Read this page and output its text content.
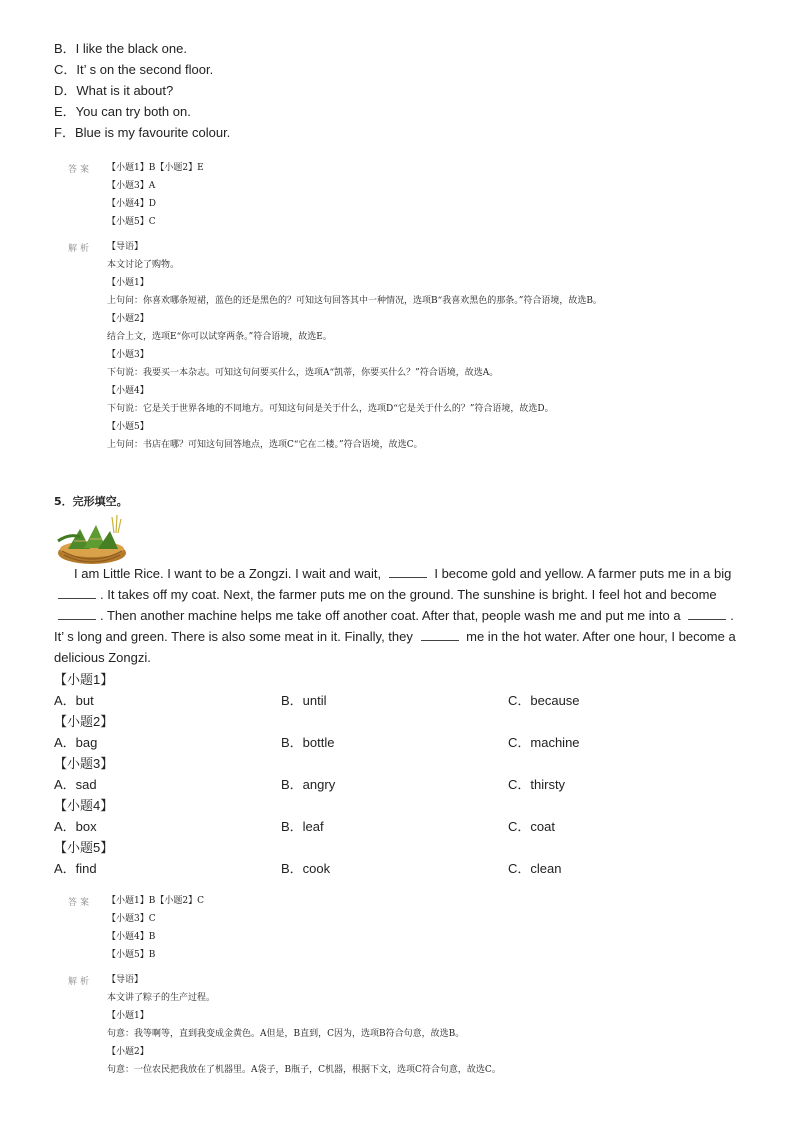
B．I like the black one.
C．It’ s on the second floor.
D．What is it about?
E．You can try both on.
F．Blue is my favourite colour.
答案 【小题1】B【小题2】E
【小题3】A
【小题4】D
【小题5】C
解析 【导语】
本文讨论了购物。
【小题1】
上句问：你喜欢哪条短裙，蓝色的还是黑色的？可知这句回答其中一种情况，选项B“我喜欢黑色的那条。”符合语境，故选B。
【小题2】
结合上文，选项E“你可以试穿两条。”符合语境，故选E。
【小题3】
下句说：我要买一本杂志。可知这句问要买什么，选项A“凯蒂，你要买什么？”符合语境，故选A。
【小题4】
下句说：它是关于世界各地的不同地方。可知这句问是关于什么，选项D“它是关于什么的？”符合语境，故选D。
【小题5】
上句问：书店在哪？可知这句回答地点，选项C“它在二楼。”符合语境，故选C。
5．完形填空。
I am Little Rice. I want to be a Zongzi. I wait and wait,	I become gold and yellow. A farmer puts me in a big . It takes off my coat. Next, the farmer puts me on the ground. The sunshine is bright. I feel hot and become . Then another machine helps me take off another coat. After that, people wash me and put me into a	. It’ s long and green. There is also some meat in it. Finally, they	me in the hot water. After one hour, I become a delicious Zongzi.
【小题1】
A．but	B．until	C．because
【小题2】
A．bag	B．bottle	C．machine
【小题3】
A．sad	B．angry	C．thirsty
【小题4】
A．box	B．leaf	C．coat
【小题5】
A．find	B．cook	C．clean
答案 【小题1】B【小题2】C
【小题3】C
【小题4】B
【小题5】B
解析 【导语】
本文讲了粽子的生产过程。
【小题1】
句意：我等啊等，直到我变成金黄色。A但是，B直到，C因为，选项B符合句意，故选B。
【小题2】
句意：一位农民把我放在了机器里。A袋子，B瓶子，C机器，根据下文，选项C符合句意，故选C。
